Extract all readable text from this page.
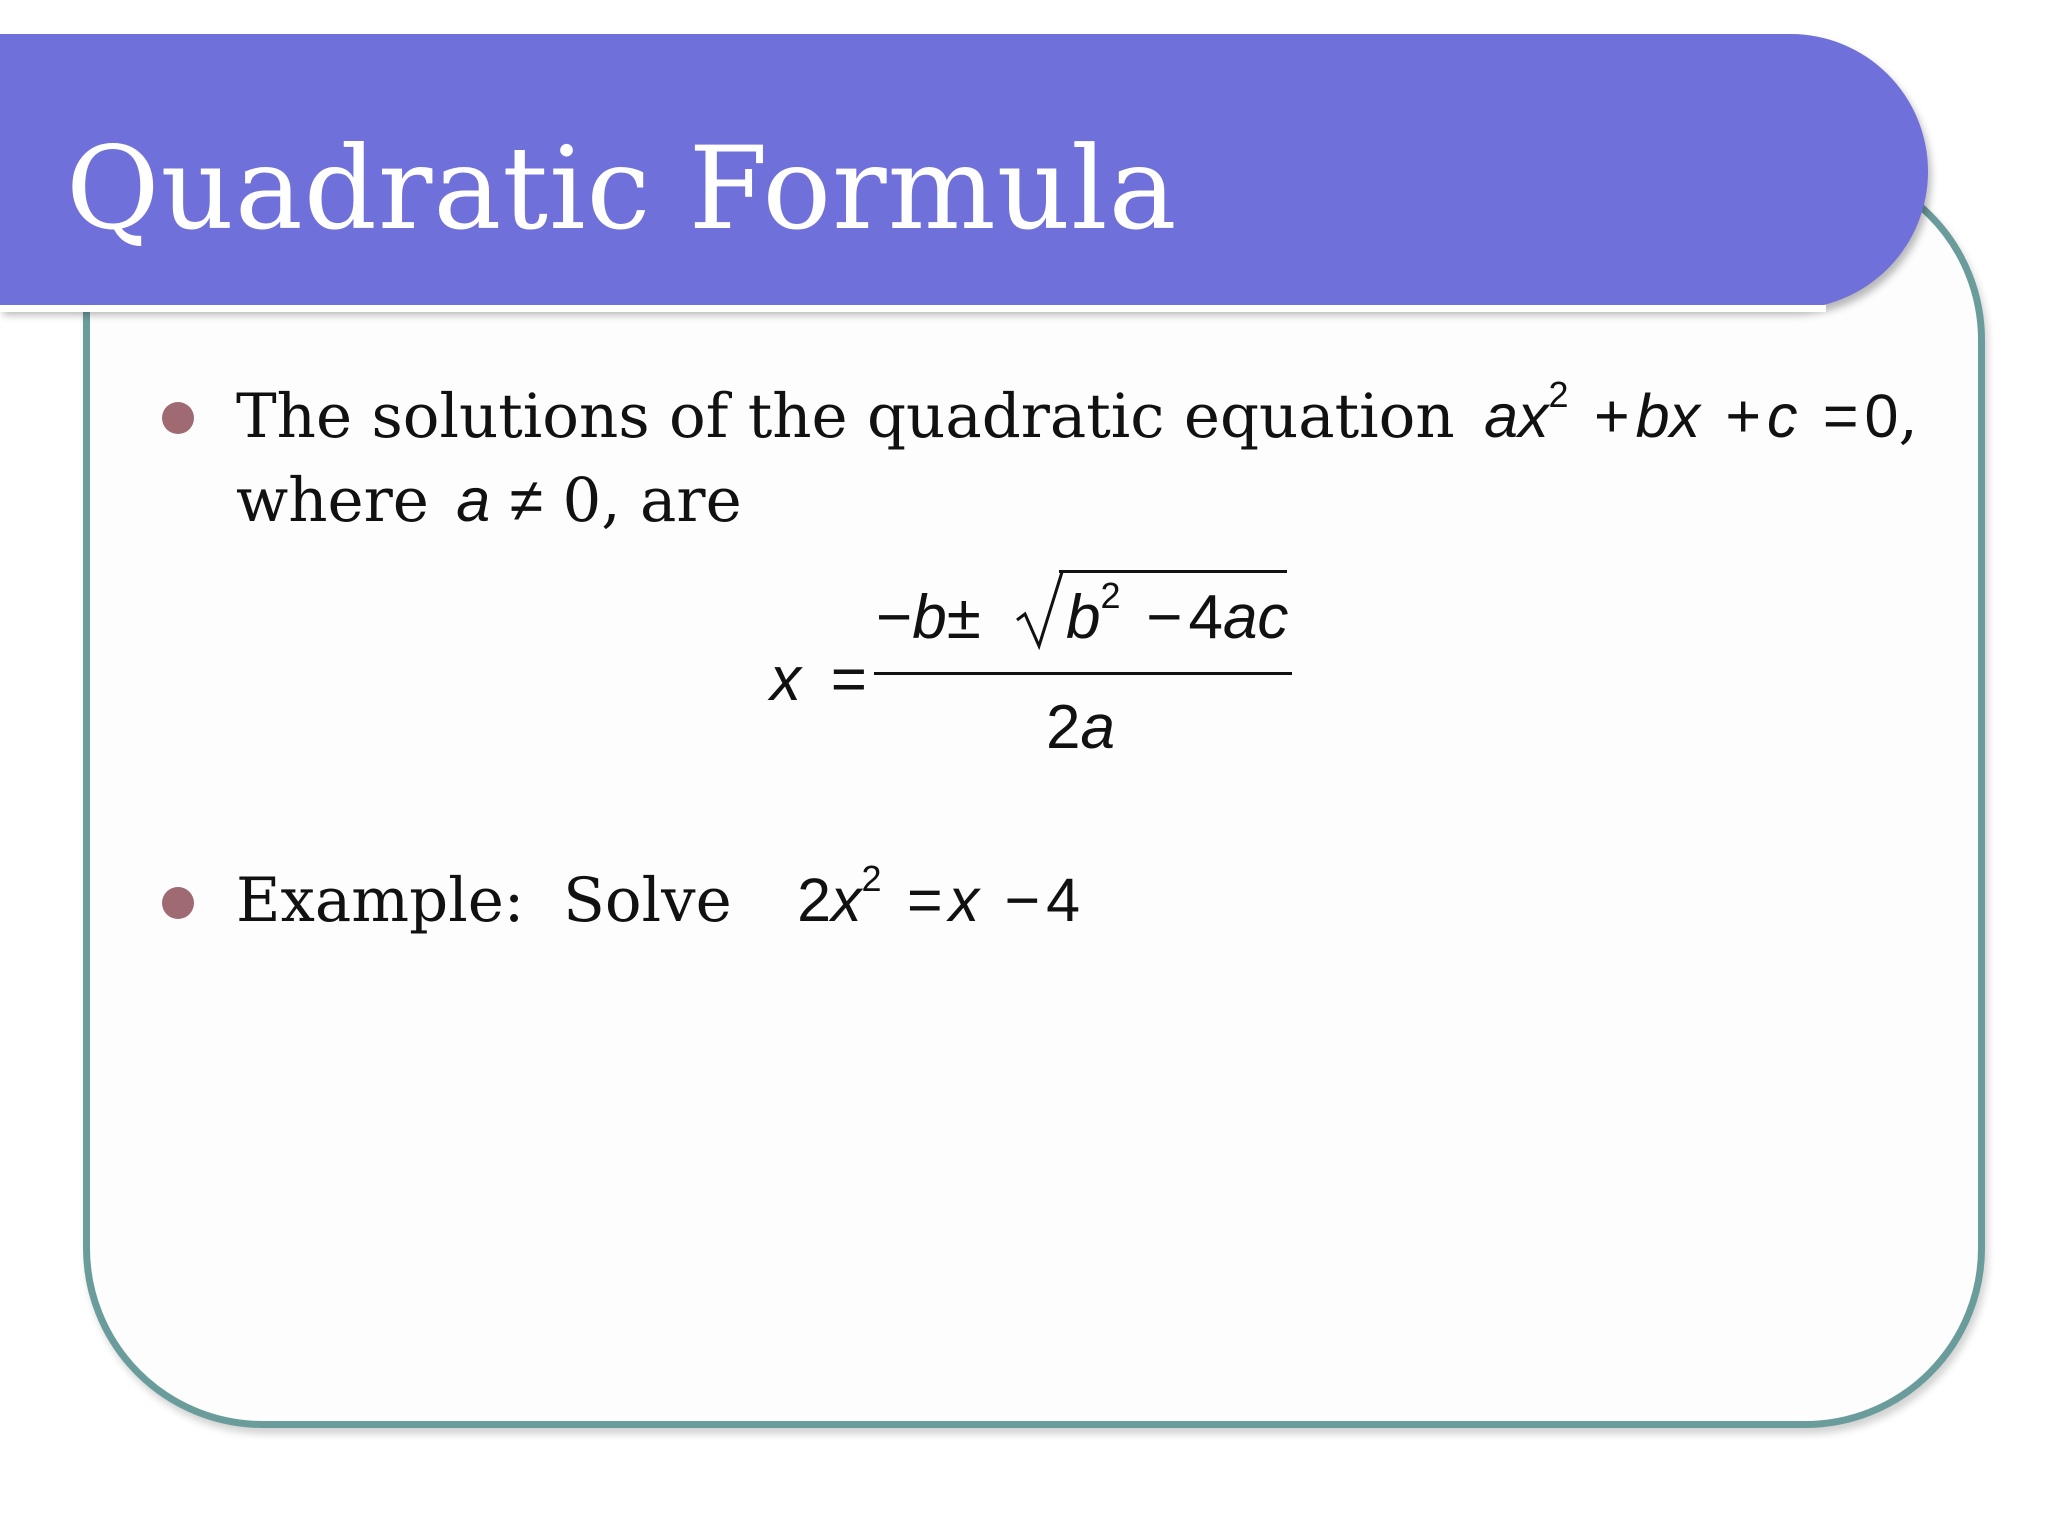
Quadratic Formula
The solutions of the quadratic equation $ax^2 +bx +c =0$,
where a ≠ 0, are
x =
$-b\pm b^2 -4ac$
2a
Example:  Solve $2x^2 =x -4$
